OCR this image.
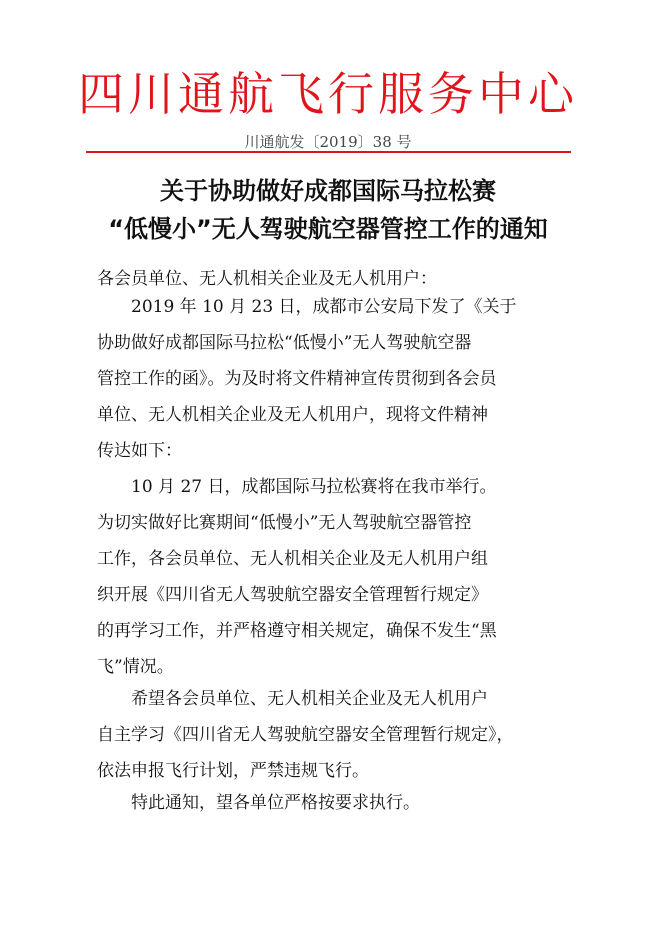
四川通航飞行服务中心
川通航发〔2019〕38 号
关于协助做好成都国际马拉松赛
“低慢小”无人驾驶航空器管控工作的通知
各会员单位、无人机相关企业及无人机用户：
2019 年 10 月 23 日，成都市公安局下发了《关于
协助做好成都国际马拉松“低慢小”无人驾驶航空器
管控工作的函》。为及时将文件精神宣传贯彻到各会员
单位、无人机相关企业及无人机用户，现将文件精神
传达如下：
10 月 27 日，成都国际马拉松赛将在我市举行。
为切实做好比赛期间“低慢小”无人驾驶航空器管控
工作，各会员单位、无人机相关企业及无人机用户组
织开展《四川省无人驾驶航空器安全管理暂行规定》
的再学习工作，并严格遵守相关规定，确保不发生“黑
飞”情况。
希望各会员单位、无人机相关企业及无人机用户
自主学习《四川省无人驾驶航空器安全管理暂行规定》，
依法申报飞行计划，严禁违规飞行。
特此通知，望各单位严格按要求执行。
